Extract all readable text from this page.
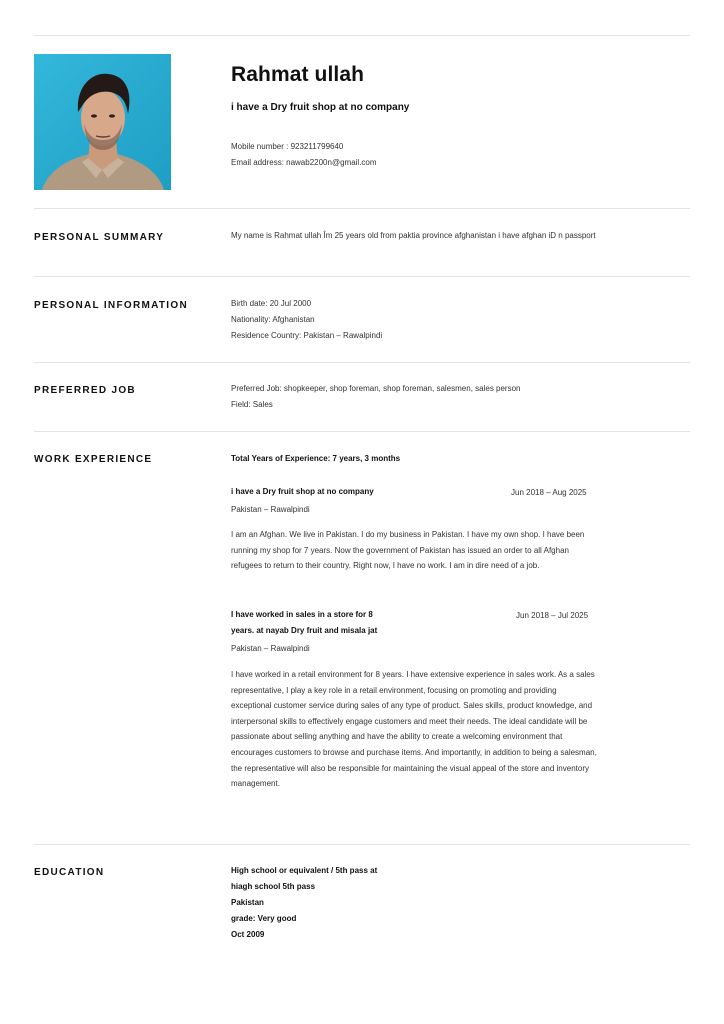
Rahmat ullah
i have a Dry fruit shop at no company
Mobile number : 923211799640
Email address: nawab2200n@gmail.com
PERSONAL SUMMARY	My name is Rahmat ullah Îm 25 years old from paktia province afghanistan i have afghan iD n passport
PERSONAL INFORMATION	Birth date: 20 Jul 2000
Nationality: Afghanistan
Residence Country: Pakistan – Rawalpindi
PREFERRED JOB	Preferred Job: shopkeeper, shop foreman, shop foreman, salesmen, sales person
Field: Sales
WORK EXPERIENCE	Total Years of Experience: 7 years, 3 months
i have a Dry fruit shop at no company	Jun 2018 – Aug 2025
Pakistan – Rawalpindi
I am an Afghan. We live in Pakistan. I do my business in Pakistan. I have my own shop. I have been running my shop for 7 years. Now the government of Pakistan has issued an order to all Afghan refugees to return to their country. Right now, I have no work. I am in dire need of a job.
I have worked in sales in a store for 8
years. at nayab Dry fruit and misala jat
Jun 2018 – Jul 2025
Pakistan – Rawalpindi
I have worked in a retail environment for 8 years. I have extensive experience in sales work. As a sales representative, I play a key role in a retail environment, focusing on promoting and providing exceptional customer service during sales of any type of product. Sales skills, product knowledge, and interpersonal skills to effectively engage customers and meet their needs. The ideal candidate will be passionate about selling anything and have the ability to create a welcoming environment that encourages customers to browse and purchase items. And importantly, in addition to being a salesman, the representative will also be responsible for maintaining the visual appeal of the store and inventory management.
EDUCATION	High school or equivalent / 5th pass at
hiagh school 5th pass
Pakistan
grade: Very good
Oct 2009
